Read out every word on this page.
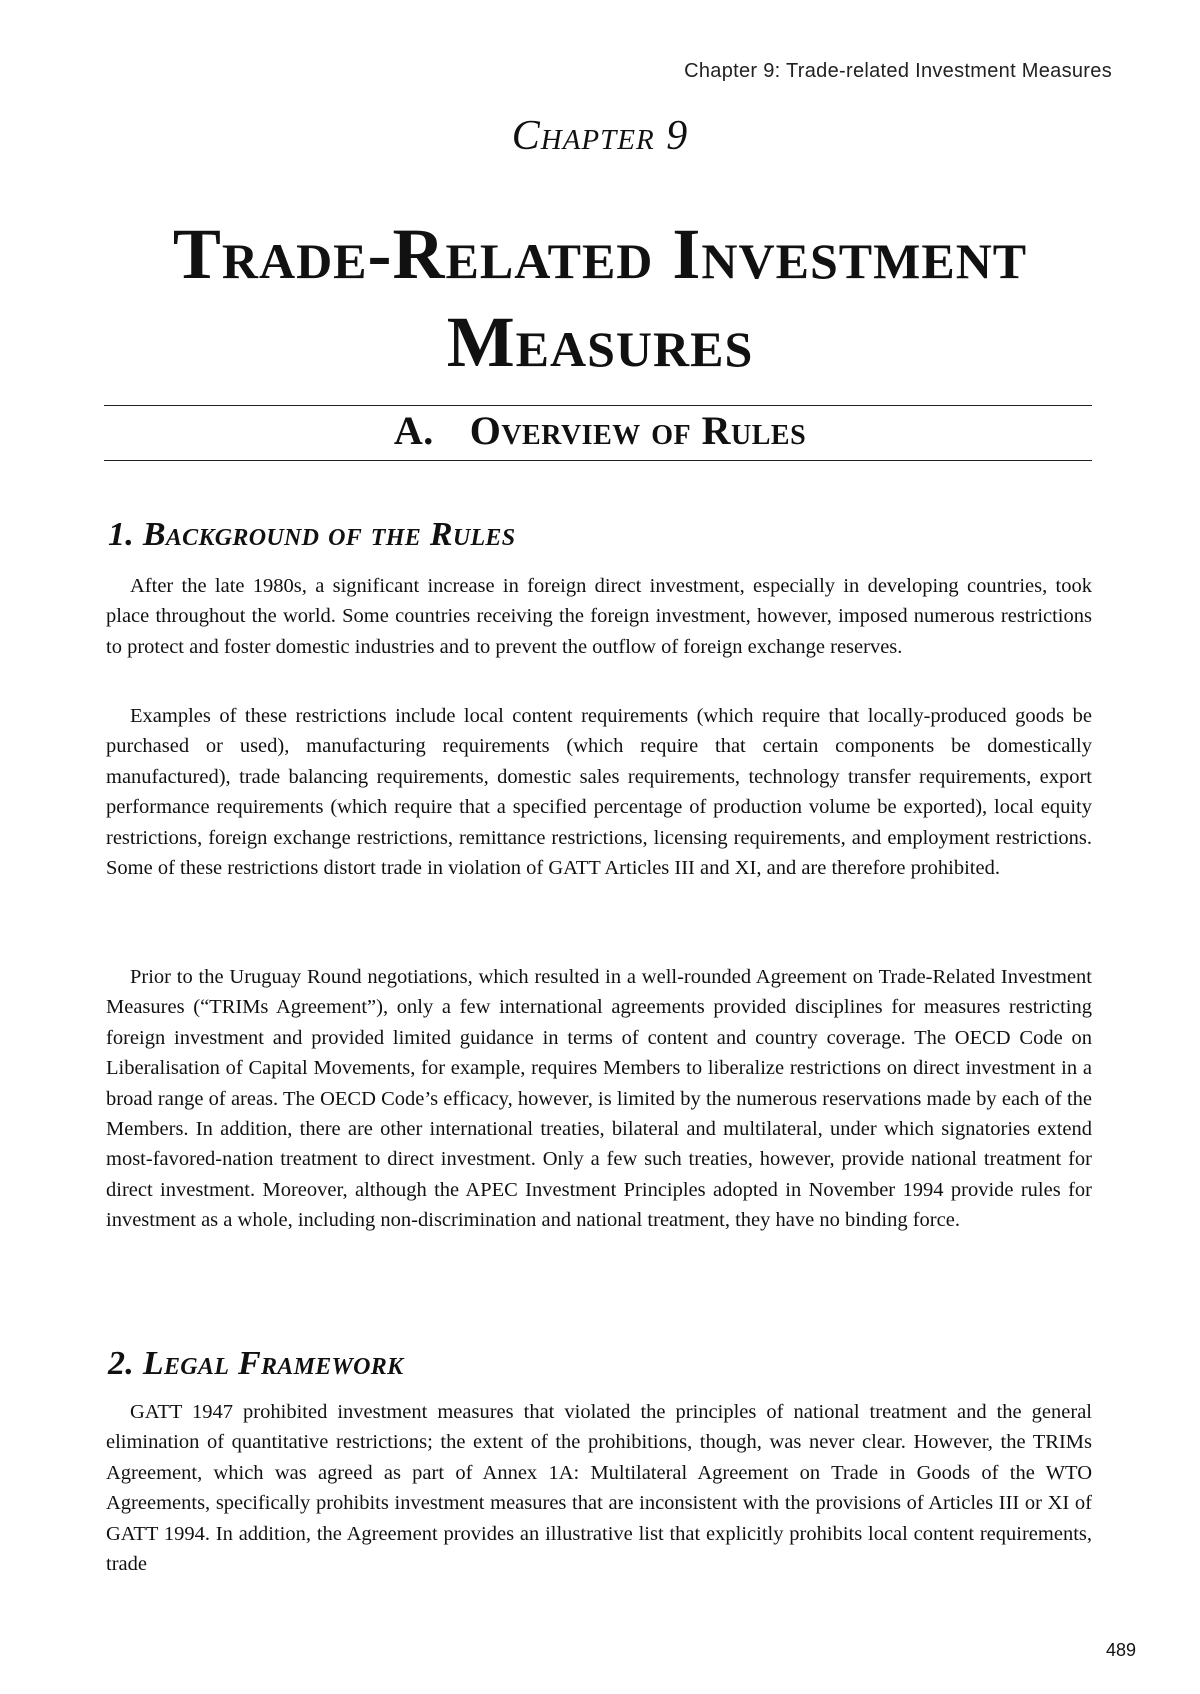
Chapter 9: Trade-related Investment Measures
Chapter 9
Trade-Related Investment
Measures
A. Overview of Rules
1. Background of the Rules

After the late 1980s, a significant increase in foreign direct investment, especially in developing countries, took place throughout the world. Some countries receiving the foreign investment, however, imposed numerous restrictions to protect and foster domestic industries and to prevent the outflow of foreign exchange reserves.

Examples of these restrictions include local content requirements (which require that locally-produced goods be purchased or used), manufacturing requirements (which require that certain components be domestically manufactured), trade balancing requirements, domestic sales requirements, technology transfer requirements, export performance requirements (which require that a specified percentage of production volume be exported), local equity restrictions, foreign exchange restrictions, remittance restrictions, licensing requirements, and employment restrictions. Some of these restrictions distort trade in violation of GATT Articles III and XI, and are therefore prohibited.

Prior to the Uruguay Round negotiations, which resulted in a well-rounded Agreement on Trade-Related Investment Measures (“TRIMs Agreement”), only a few international agreements provided disciplines for measures restricting foreign investment and provided limited guidance in terms of content and country coverage. The OECD Code on Liberalisation of Capital Movements, for example, requires Members to liberalize restrictions on direct investment in a broad range of areas. The OECD Code’s efficacy, however, is limited by the numerous reservations made by each of the Members. In addition, there are other international treaties, bilateral and multilateral, under which signatories extend most-favored-nation treatment to direct investment. Only a few such treaties, however, provide national treatment for direct investment. Moreover, although the APEC Investment Principles adopted in November 1994 provide rules for investment as a whole, including non-discrimination and national treatment, they have no binding force.

2. Legal Framework

GATT 1947 prohibited investment measures that violated the principles of national treatment and the general elimination of quantitative restrictions; the extent of the prohibitions, though, was never clear. However, the TRIMs Agreement, which was agreed as part of Annex 1A: Multilateral Agreement on Trade in Goods of the WTO Agreements, specifically prohibits investment measures that are inconsistent with the provisions of Articles III or XI of GATT 1994. In addition, the Agreement provides an illustrative list that explicitly prohibits local content requirements, trade

489
